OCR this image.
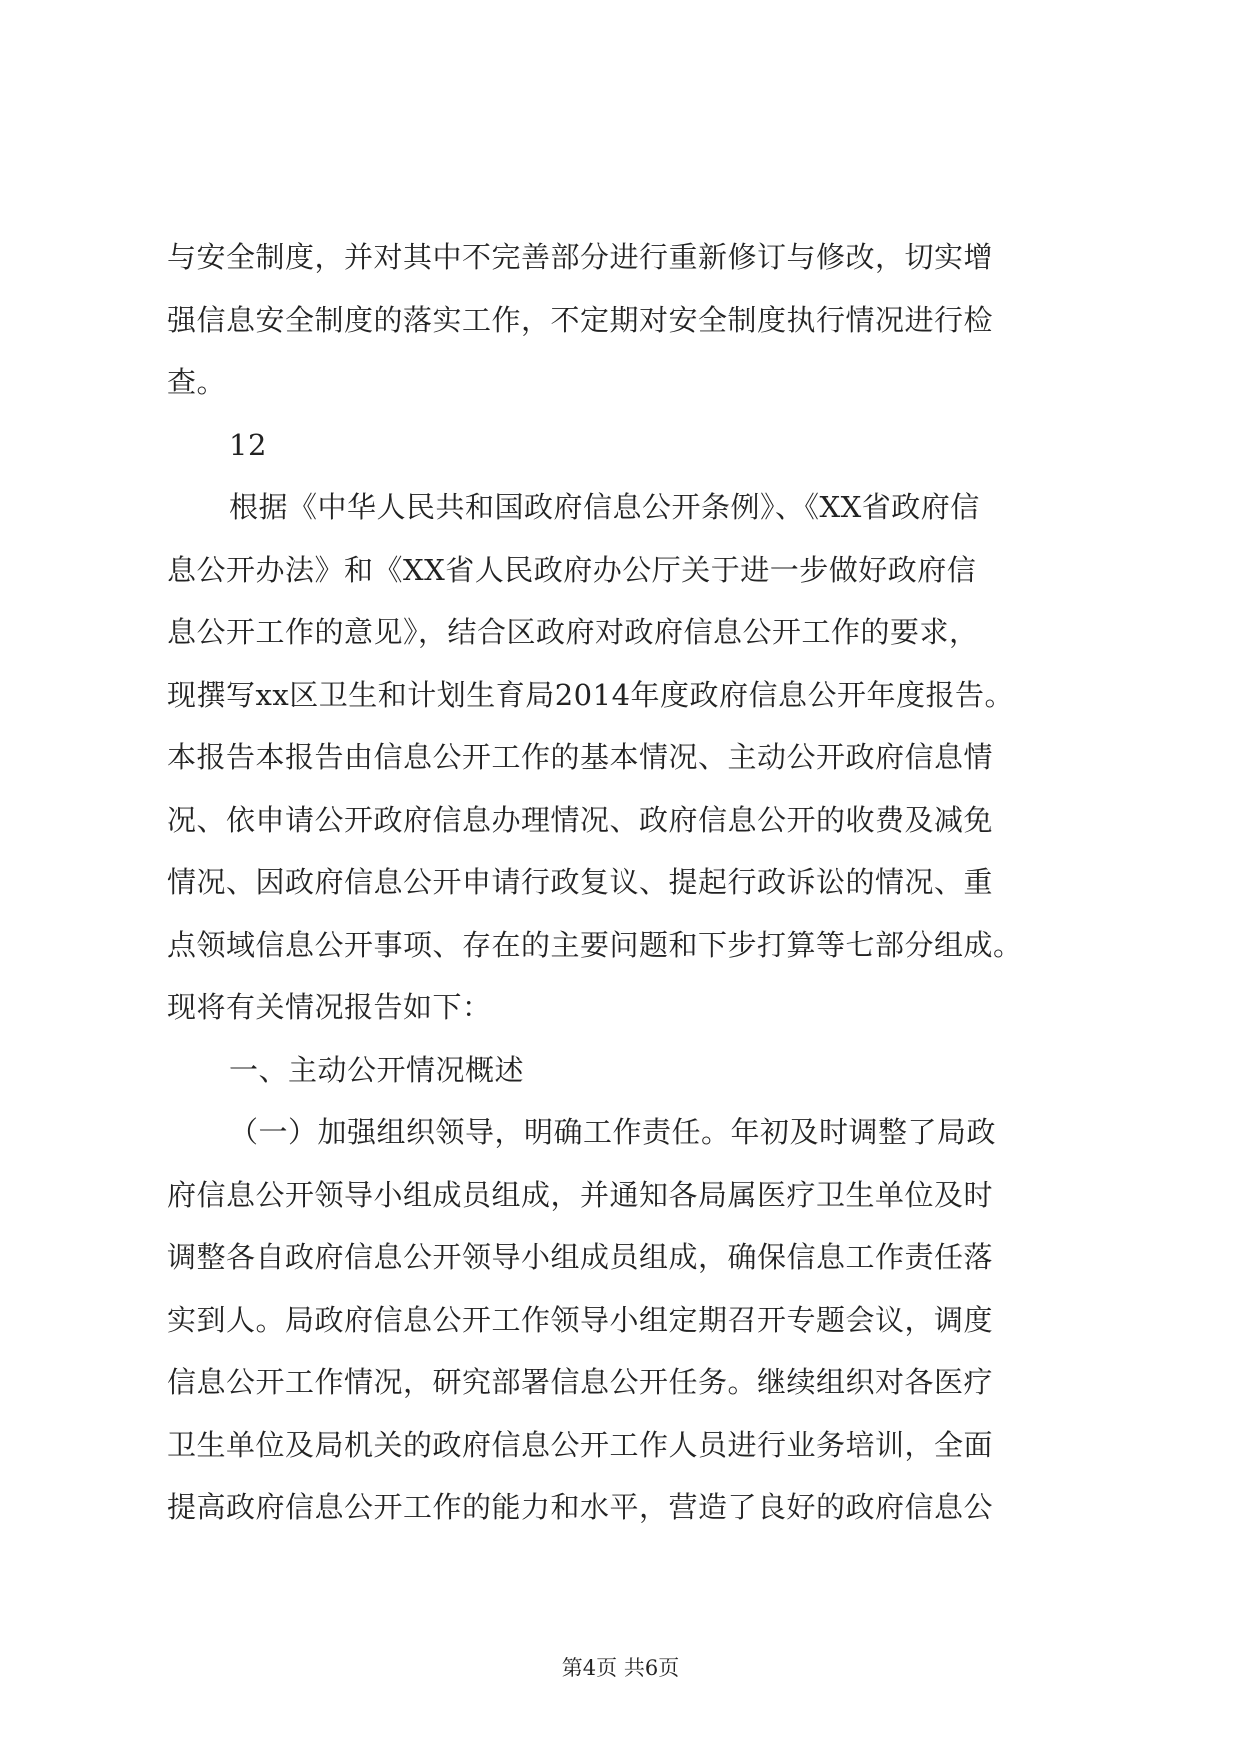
与安全制度，并对其中不完善部分进行重新修订与修改，切实增
强信息安全制度的落实工作，不定期对安全制度执行情况进行检
查。
12
根据《中华人民共和国政府信息公开条例》、《XX省政府信
息公开办法》和《XX省人民政府办公厅关于进一步做好政府信
息公开工作的意见》，结合区政府对政府信息公开工作的要求，
现撰写xx区卫生和计划生育局2014年度政府信息公开年度报告。
本报告本报告由信息公开工作的基本情况、主动公开政府信息情
况、依申请公开政府信息办理情况、政府信息公开的收费及减免
情况、因政府信息公开申请行政复议、提起行政诉讼的情况、重
点领域信息公开事项、存在的主要问题和下步打算等七部分组成。
现将有关情况报告如下：
一、主动公开情况概述
（一）加强组织领导，明确工作责任。年初及时调整了局政
府信息公开领导小组成员组成，并通知各局属医疗卫生单位及时
调整各自政府信息公开领导小组成员组成，确保信息工作责任落
实到人。局政府信息公开工作领导小组定期召开专题会议，调度
信息公开工作情况，研究部署信息公开任务。继续组织对各医疗
卫生单位及局机关的政府信息公开工作人员进行业务培训，全面
提高政府信息公开工作的能力和水平，营造了良好的政府信息公
第4页 共6页
